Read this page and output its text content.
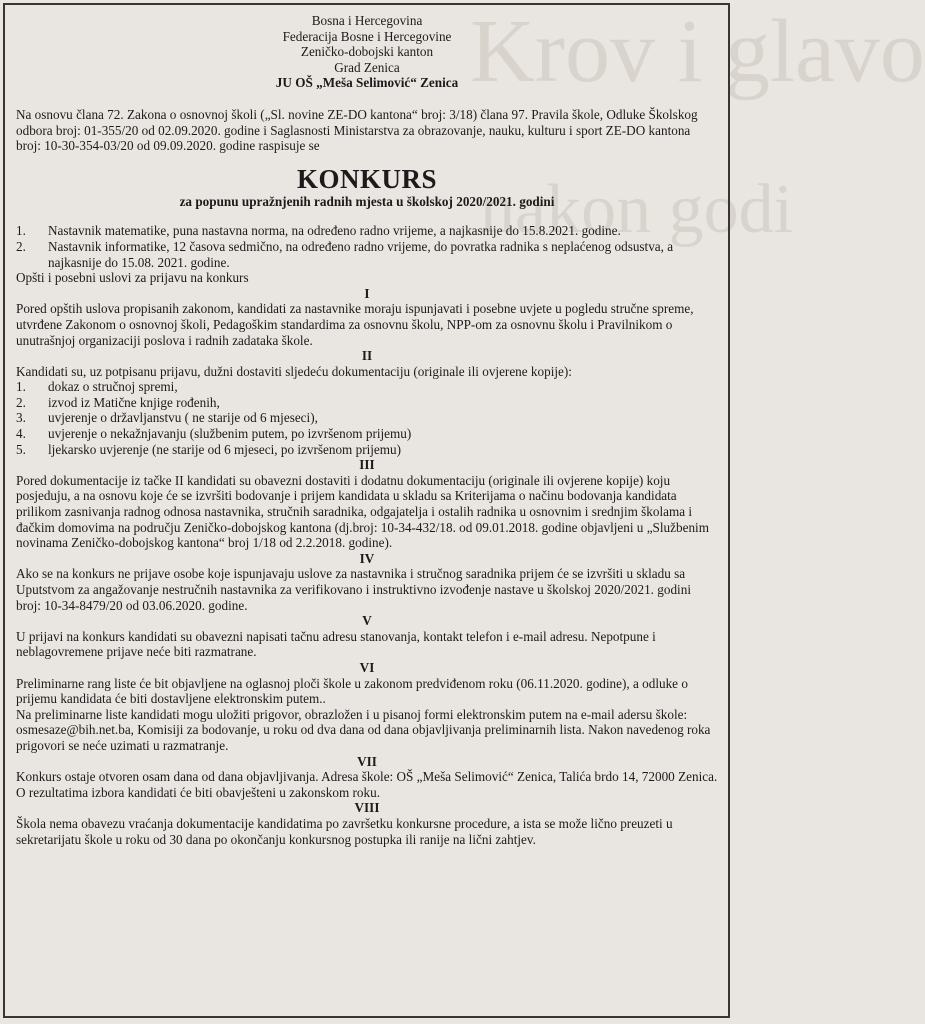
Krov i glavo
nakon godi
Bosna i Hercegovina
Federacija Bosne i Hercegovine
Zeničko-dobojski kanton
Grad Zenica
JU OŠ „Meša Selimović“ Zenica

Na osnovu člana 72. Zakona o osnovnoj školi („Sl. novine ZE-DO kantona“ broj: 3/18) člana 97. Pravila škole, Odluke Školskog odbora broj: 01-355/20 od 02.09.2020. godine i Saglasnosti Ministarstva za obrazovanje, nauku, kulturu i sport ZE-DO kantona broj: 10-30-354-03/20 od 09.09.2020. godine raspisuje se

KONKURS
za popunu upražnjenih radnih mjesta u školskoj 2020/2021. godini
1.	Nastavnik matematike, puna nastavna norma, na određeno radno vrijeme, a najkasnije do 15.8.2021. godine.
2.	Nastavnik informatike, 12 časova sedmično, na određeno radno vrijeme, do povratka radnika s neplaćenog odsustva, a najkasnije do 15.08. 2021. godine.

Opšti i posebni uslovi za prijavu na konkurs

I

Pored opštih uslova propisanih zakonom, kandidati za nastavnike moraju ispunjavati i posebne uvjete u pogledu stručne spreme, utvrđene Zakonom o osnovnoj školi, Pedagoškim standardima za osnovnu školu, NPP-om za osnovnu školu i Pravilnikom o unutrašnjoj organizaciji poslova i radnih zadataka škole.

II

Kandidati su, uz potpisanu prijavu, dužni dostaviti sljedeću dokumentaciju (originale ili ovjerene kopije):

1.	dokaz o stručnoj spremi,
2.	izvod iz Matične knjige rođenih,
3.	uvjerenje o državljanstvu ( ne starije od 6 mjeseci),
4.	uvjerenje o nekažnjavanju (službenim putem, po izvršenom prijemu)
5.	ljekarsko uvjerenje (ne starije od 6 mjeseci, po izvršenom prijemu)
III

Pored dokumentacije iz tačke II kandidati su obavezni dostaviti i dodatnu dokumentaciju (originale ili ovjerene kopije) koju posjeduju, a na osnovu koje će se izvršiti bodovanje i prijem kandidata u skladu sa Kriterijama o načinu bodovanja kandidata prilikom zasnivanja radnog odnosa nastavnika, stručnih saradnika, odgajatelja i ostalih radnika u osnovnim i srednjim školama i đačkim domovima na području Zeničko-dobojskog kantona (dj.broj: 10-34-432/18. od 09.01.2018. godine objavljeni u „Službenim novinama Zeničko-dobojskog kantona“ broj 1/18 od 2.2.2018. godine).

IV

Ako se na konkurs ne prijave osobe koje ispunjavaju uslove za nastavnika i stručnog saradnika prijem će se izvršiti u skladu sa Uputstvom za angažovanje nestručnih nastavnika za verifikovano i instruktivno izvođenje nastave u školskoj 2020/2021. godini broj: 10-34-8479/20 od 03.06.2020. godine.

V

U prijavi na konkurs kandidati su obavezni napisati tačnu adresu stanovanja, kontakt telefon i e-mail adresu. Nepotpune i neblagovremene prijave neće biti razmatrane.

VI

Preliminarne rang liste će bit objavljene na oglasnoj ploči škole u zakonom predviđenom roku (06.11.2020. godine), a odluke o prijemu kandidata će biti dostavljene elektronskim putem..

Na preliminarne liste kandidati mogu uložiti prigovor, obrazložen i u pisanoj formi elektronskim putem na e-mail adersu škole: osmesaze@bih.net.ba, Komisiji za bodovanje, u roku od dva dana od dana objavljivanja preliminarnih lista. Nakon navedenog roka prigovori se neće uzimati u razmatranje.

VII

Konkurs ostaje otvoren osam dana od dana objavljivanja. Adresa škole: OŠ „Meša Selimović“ Zenica, Talića brdo 14, 72000 Zenica. O rezultatima izbora kandidati će biti obavješteni u zakonskom roku.

VIII

Škola nema obavezu vraćanja dokumentacije kandidatima po završetku konkursne procedure, a ista se može lično preuzeti u sekretarijatu škole u roku od 30 dana po okončanju konkursnog postupka ili ranije na lični zahtjev.
